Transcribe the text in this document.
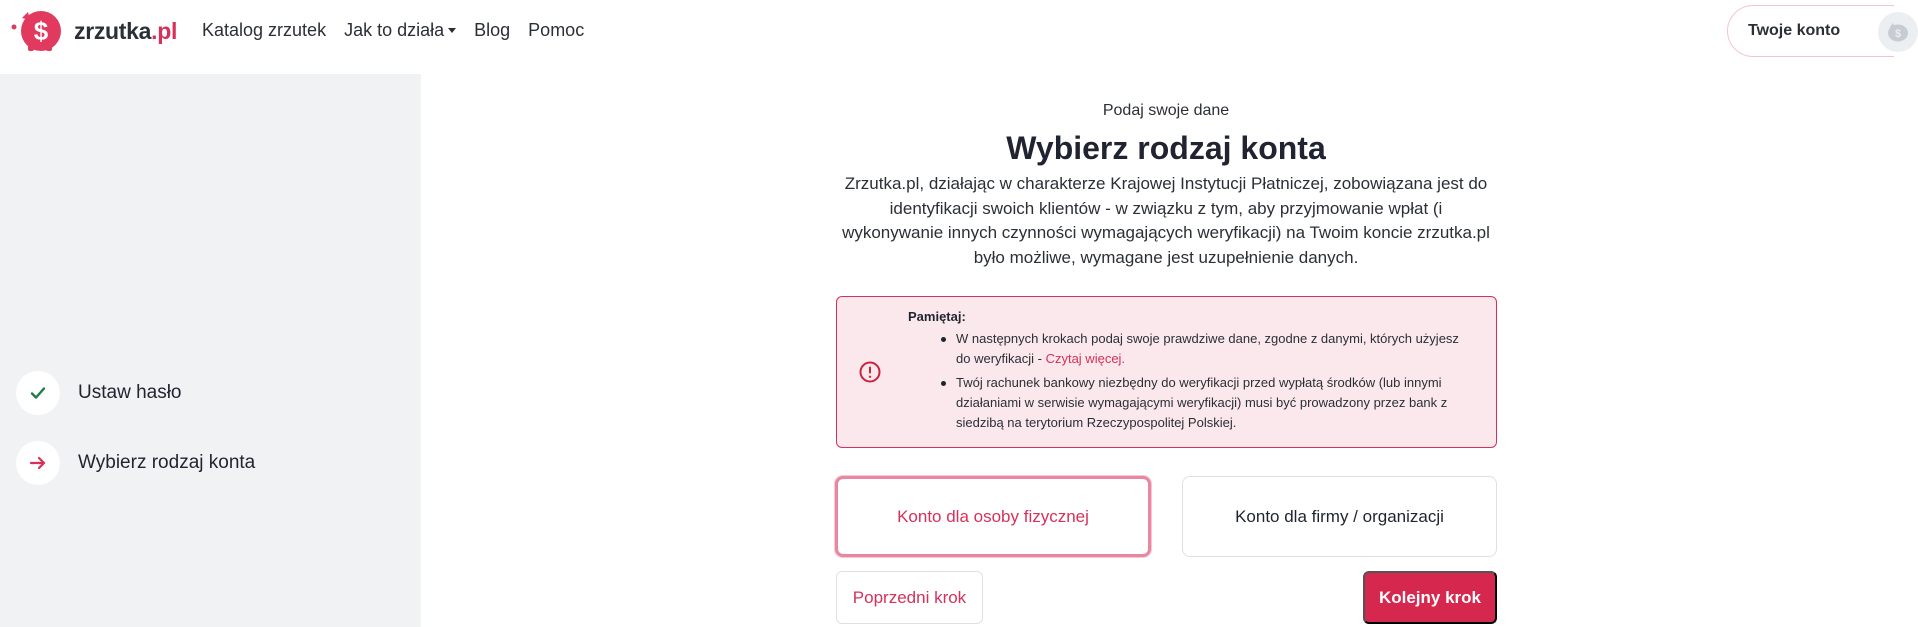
$ zrzutka.pl Katalog zrzutek Jak to działa Blog Pomoc	Twoje konto	$
Ustaw hasło
Wybierz rodzaj konta
Podaj swoje dane
Wybierz rodzaj konta

Zrzutka.pl, działając w charakterze Krajowej Instytucji Płatniczej, zobowiązana jest do identyfikacji swoich klientów - w związku z tym, aby przyjmowanie wpłat (i wykonywanie innych czynności wymagających weryfikacji) na Twoim koncie zrzutka.pl było możliwe, wymagane jest uzupełnienie danych.

Pamiętaj:
W następnych krokach podaj swoje prawdziwe dane, zgodne z danymi, których użyjesz do weryfikacji - Czytaj więcej.
Twój rachunek bankowy niezbędny do weryfikacji przed wypłatą środków (lub innymi działaniami w serwisie wymagającymi weryfikacji) musi być prowadzony przez bank z siedzibą na terytorium Rzeczypospolitej Polskiej.
Konto dla osoby fizycznej	Konto dla firmy / organizacji
Poprzedni krok	Kolejny krok
